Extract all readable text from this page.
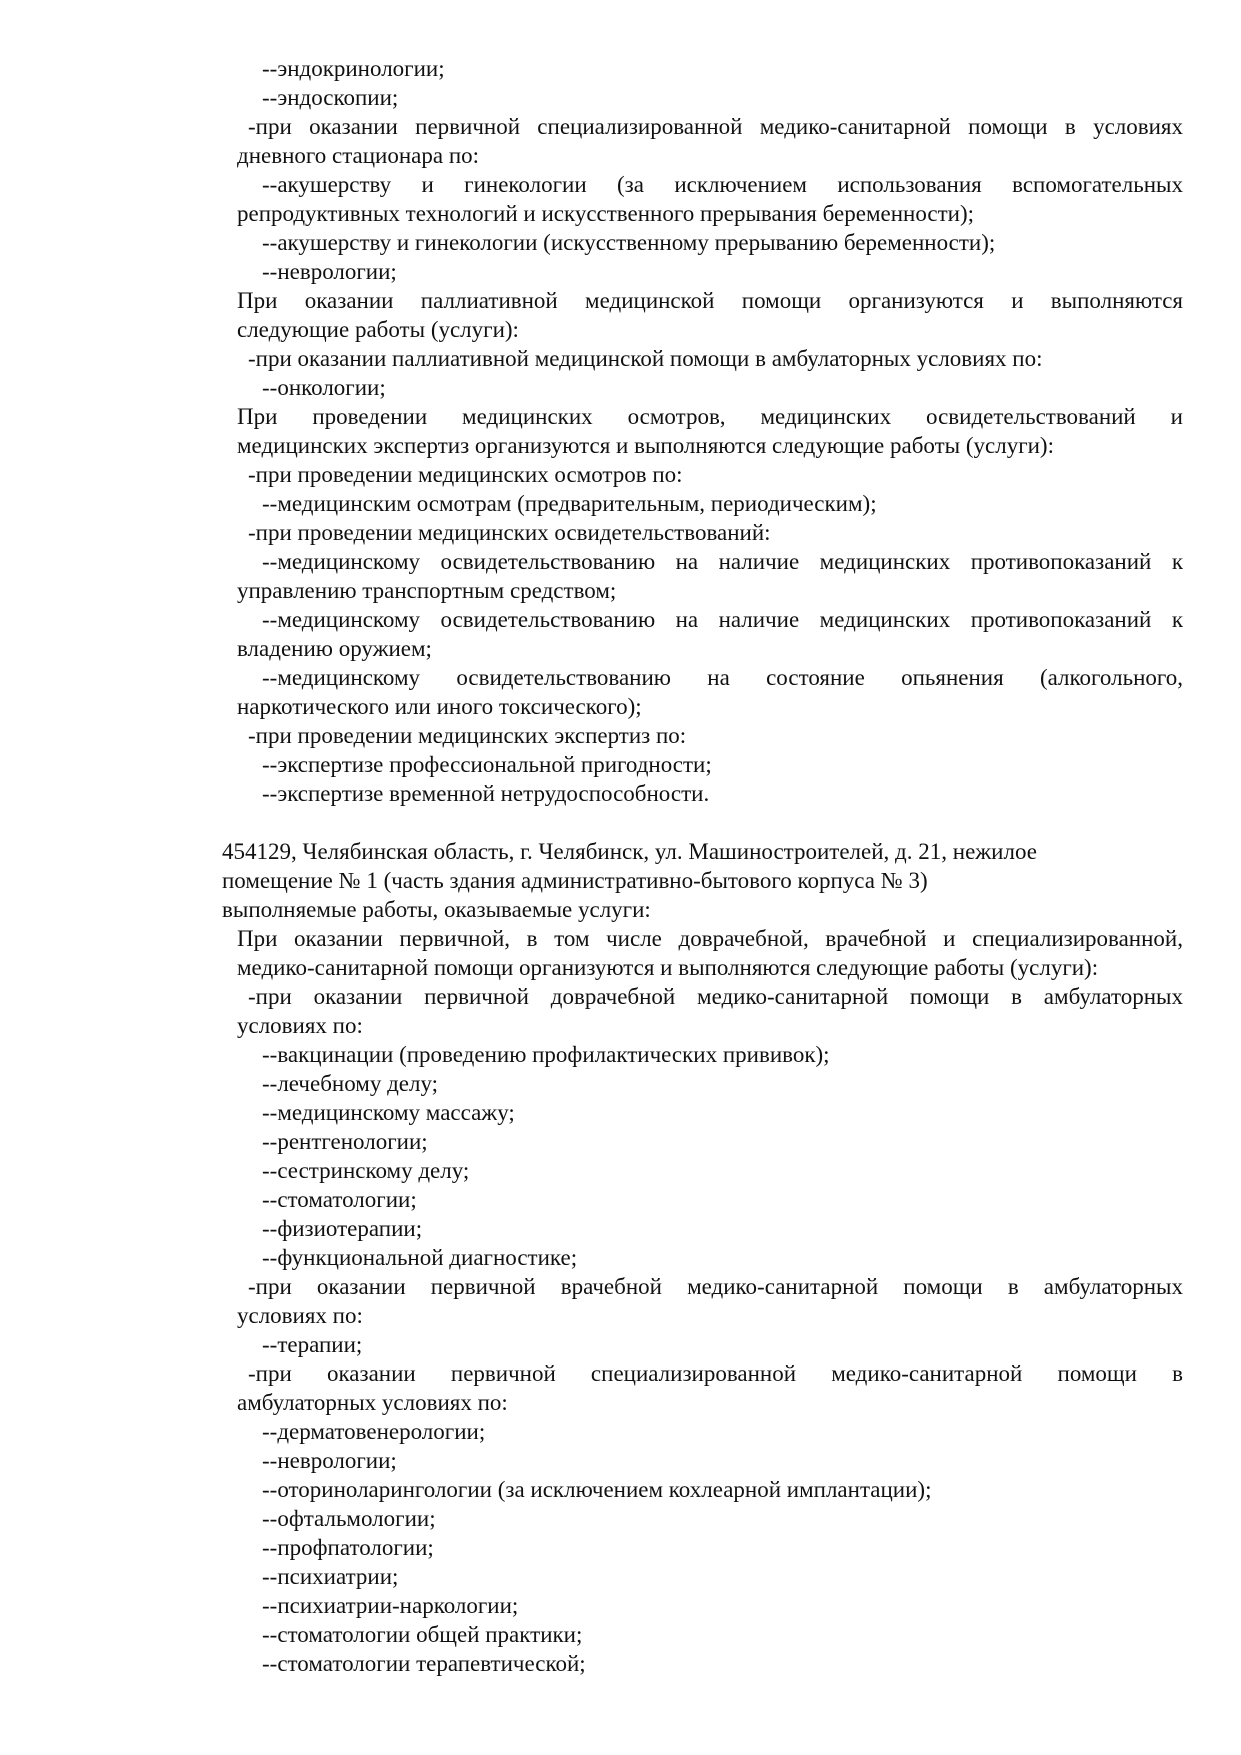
--эндокринологии;
--эндоскопии;
-при оказании первичной специализированной медико-санитарной помощи в условиях
дневного стационара по:
--акушерству и гинекологии (за исключением использования вспомогательных
репродуктивных технологий и искусственного прерывания беременности);
--акушерству и гинекологии (искусственному прерыванию беременности);
--неврологии;
При оказании паллиативной медицинской помощи организуются и выполняются
следующие работы (услуги):
-при оказании паллиативной медицинской помощи в амбулаторных условиях по:
--онкологии;
При проведении медицинских осмотров, медицинских освидетельствований и
медицинских экспертиз организуются и выполняются следующие работы (услуги):
-при проведении медицинских осмотров по:
--медицинским осмотрам (предварительным, периодическим);
-при проведении медицинских освидетельствований:
--медицинскому освидетельствованию на наличие медицинских противопоказаний к
управлению транспортным средством;
--медицинскому освидетельствованию на наличие медицинских противопоказаний к
владению оружием;
--медицинскому освидетельствованию на состояние опьянения (алкогольного,
наркотического или иного токсического);
-при проведении медицинских экспертиз по:
--экспертизе профессиональной пригодности;
--экспертизе временной нетрудоспособности.
454129, Челябинская область, г. Челябинск, ул. Машиностроителей, д. 21, нежилое
помещение № 1 (часть здания административно-бытового корпуса № 3)
выполняемые работы, оказываемые услуги:
При оказании первичной, в том числе доврачебной, врачебной и специализированной,
медико-санитарной помощи организуются и выполняются следующие работы (услуги):
-при оказании первичной доврачебной медико-санитарной помощи в амбулаторных
условиях по:
--вакцинации (проведению профилактических прививок);
--лечебному делу;
--медицинскому массажу;
--рентгенологии;
--сестринскому делу;
--стоматологии;
--физиотерапии;
--функциональной диагностике;
-при оказании первичной врачебной медико-санитарной помощи в амбулаторных
условиях по:
--терапии;
-при оказании первичной специализированной медико-санитарной помощи в
амбулаторных условиях по:
--дерматовенерологии;
--неврологии;
--оториноларингологии (за исключением кохлеарной имплантации);
--офтальмологии;
--профпатологии;
--психиатрии;
--психиатрии-наркологии;
--стоматологии общей практики;
--стоматологии терапевтической;
